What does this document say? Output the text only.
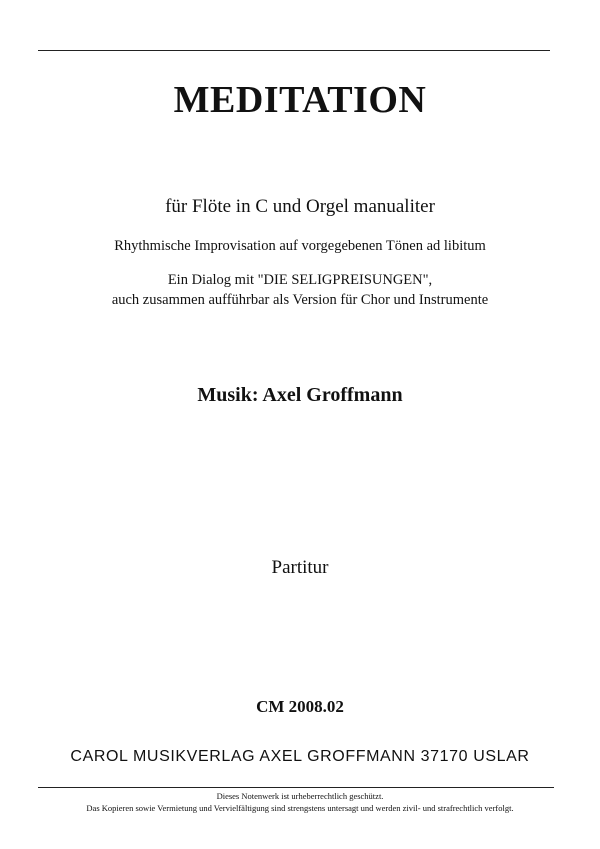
MEDITATION
für Flöte in C und Orgel manualiter
Rhythmische Improvisation auf vorgegebenen Tönen ad libitum
Ein Dialog mit "DIE SELIGPREISUNGEN",
auch zusammen aufführbar als Version für Chor und Instrumente
Musik: Axel Groffmann
Partitur
CM 2008.02
CAROL MUSIKVERLAG AXEL GROFFMANN 37170 USLAR
Dieses Notenwerk ist urheberrechtlich geschützt.
Das Kopieren sowie Vermietung und Vervielfältigung sind strengstens untersagt und werden zivil- und strafrechtlich verfolgt.
